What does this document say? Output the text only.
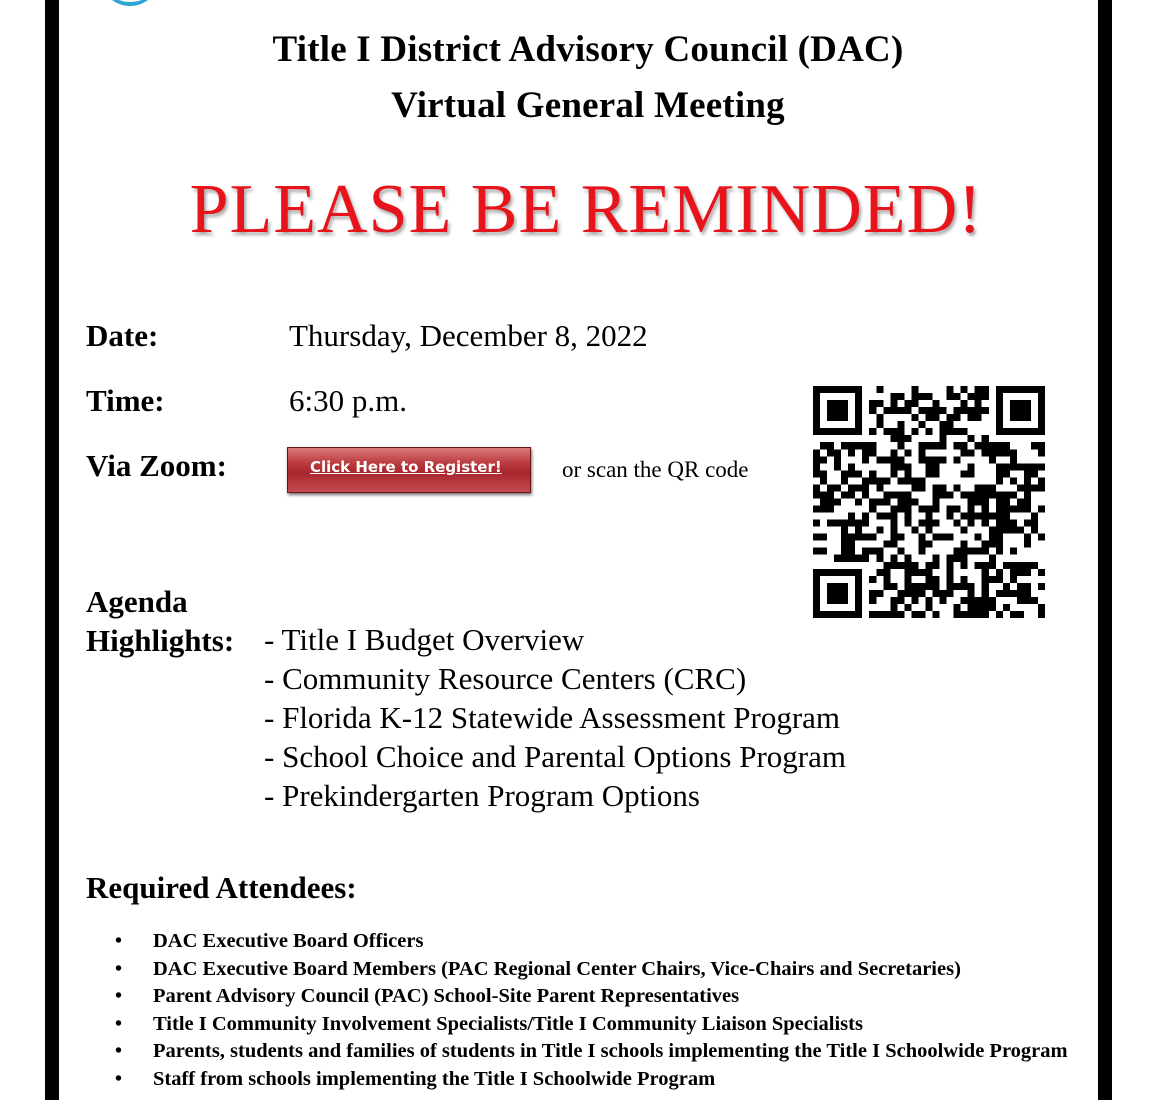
Title I District Advisory Council (DAC)
Virtual General Meeting
PLEASE BE REMINDED!
Date:	Thursday, December 8, 2022
Time:	6:30 p.m.
Via Zoom:	Click Here to Register!	or scan the QR code
Agenda
Highlights: - Title I Budget Overview
- Community Resource Centers (CRC)
- Florida K-12 Statewide Assessment Program
- School Choice and Parental Options Program
- Prekindergarten Program Options
Required Attendees:
• DAC Executive Board Officers
• DAC Executive Board Members (PAC Regional Center Chairs, Vice-Chairs and Secretaries)
• Parent Advisory Council (PAC) School-Site Parent Representatives
• Title I Community Involvement Specialists/Title I Community Liaison Specialists
• Parents, students and families of students in Title I schools implementing the Title I Schoolwide Program
• Staff from schools implementing the Title I Schoolwide Program
